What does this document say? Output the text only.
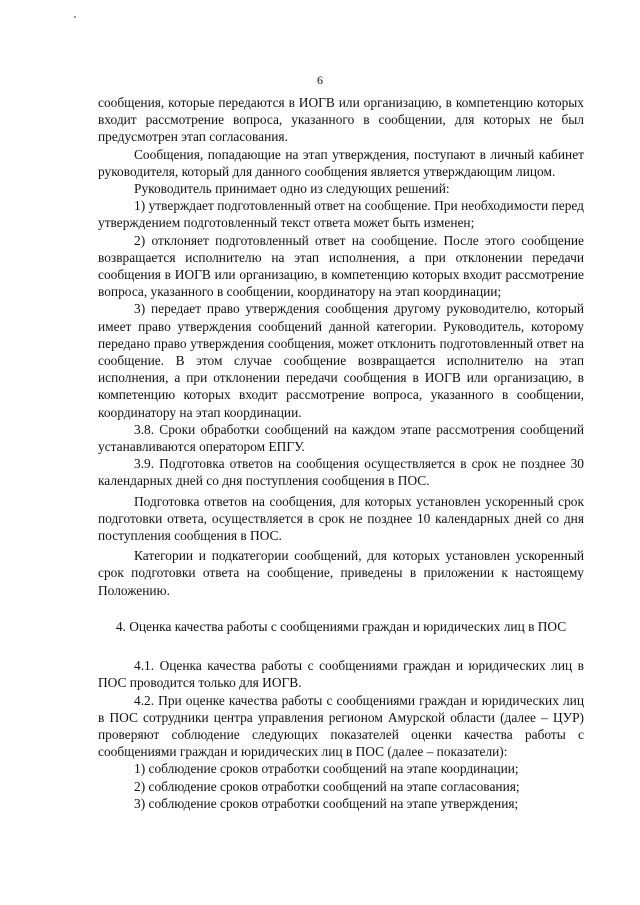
6

сообщения, которые передаются в ИОГВ или организацию, в компетенцию которых входит рассмотрение вопроса, указанного в сообщении, для которых не был предусмотрен этап согласования.

Сообщения, попадающие на этап утверждения, поступают в личный кабинет руководителя, который для данного сообщения является утверждающим лицом.

Руководитель принимает одно из следующих решений:

1) утверждает подготовленный ответ на сообщение. При необходимости перед утверждением подготовленный текст ответа может быть изменен;

2) отклоняет подготовленный ответ на сообщение. После этого сообщение возвращается исполнителю на этап исполнения, а при отклонении передачи сообщения в ИОГВ или организацию, в компетенцию которых входит рассмотрение вопроса, указанного в сообщении, координатору на этап координации;

3) передает право утверждения сообщения другому руководителю, который имеет право утверждения сообщений данной категории. Руководитель, которому передано право утверждения сообщения, может отклонить подготовленный ответ на сообщение. В этом случае сообщение возвращается исполнителю на этап исполнения, а при отклонении передачи сообщения в ИОГВ или организацию, в компетенцию которых входит рассмотрение вопроса, указанного в сообщении, координатору на этап координации.

3.8. Сроки обработки сообщений на каждом этапе рассмотрения сообщений устанавливаются оператором ЕПГУ.

3.9. Подготовка ответов на сообщения осуществляется в срок не позднее 30 календарных дней со дня поступления сообщения в ПОС.

Подготовка ответов на сообщения, для которых установлен ускоренный срок подготовки ответа, осуществляется в срок не позднее 10 календарных дней со дня поступления сообщения в ПОС.

Категории и подкатегории сообщений, для которых установлен ускоренный срок подготовки ответа на сообщение, приведены в приложении к настоящему Положению.

4. Оценка качества работы с сообщениями граждан и юридических лиц в ПОС

4.1. Оценка качества работы с сообщениями граждан и юридических лиц в ПОС проводится только для ИОГВ.

4.2. При оценке качества работы с сообщениями граждан и юридических лиц в ПОС сотрудники центра управления регионом Амурской области (далее – ЦУР) проверяют соблюдение следующих показателей оценки качества работы с сообщениями граждан и юридических лиц в ПОС (далее – показатели):

1) соблюдение сроков отработки сообщений на этапе координации;

2) соблюдение сроков отработки сообщений на этапе согласования;

3) соблюдение сроков отработки сообщений на этапе утверждения;
